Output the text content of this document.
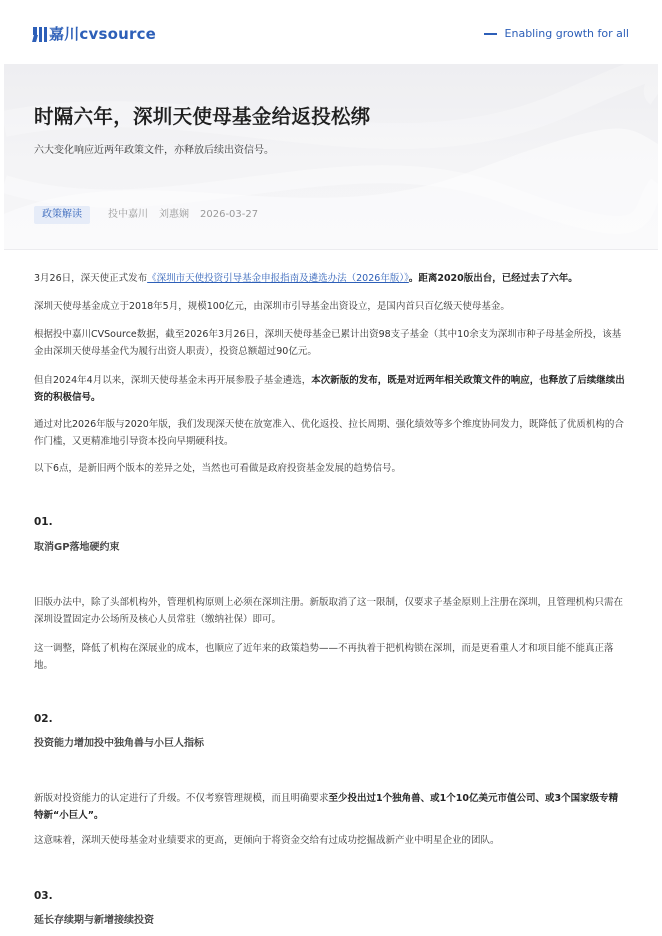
嘉川cvsource	Enabling growth for all
时隔六年，深圳天使母基金给返投松绑
六大变化响应近两年政策文件，亦释放后续出资信号。
政策解读	投中嘉川 刘惠娴 2026-03-27

3月26日，深天使正式发布《深圳市天使投资引导基金申报指南及遴选办法（2026年版）》。距离2020版出台，已经过去了六年。

深圳天使母基金成立于2018年5月，规模100亿元，由深圳市引导基金出资设立，是国内首只百亿级天使母基金。

根据投中嘉川CVSource数据，截至2026年3月26日，深圳天使母基金已累计出资98支子基金（其中10余支为深圳市种子母基金所投，该基金由深圳天使母基金代为履行出资人职责），投资总额超过90亿元。

但自2024年4月以来，深圳天使母基金未再开展参股子基金遴选，本次新版的发布，既是对近两年相关政策文件的响应，也释放了后续继续出资的积极信号。

通过对比2026年版与2020年版，我们发现深天使在放宽准入、优化返投、拉长周期、强化绩效等多个维度协同发力，既降低了优质机构的合作门槛，又更精准地引导资本投向早期硬科技。

以下6点，是新旧两个版本的差异之处，当然也可看做是政府投资基金发展的趋势信号。

01.
取消GP落地硬约束

旧版办法中，除了头部机构外，管理机构原则上必须在深圳注册。新版取消了这一限制，仅要求子基金原则上注册在深圳，且管理机构只需在深圳设置固定办公场所及核心人员常驻（缴纳社保）即可。

这一调整，降低了机构在深展业的成本，也顺应了近年来的政策趋势——不再执着于把机构锁在深圳，而是更看重人才和项目能不能真正落地。

02.
投资能力增加投中独角兽与小巨人指标

新版对投资能力的认定进行了升级。不仅考察管理规模，而且明确要求至少投出过1个独角兽、或1个10亿美元市值公司、或3个国家级专精特新“小巨人”。

这意味着，深圳天使母基金对业绩要求的更高，更倾向于将资金交给有过成功挖掘战新产业中明星企业的团队。

03.
延长存续期与新增接续投资
